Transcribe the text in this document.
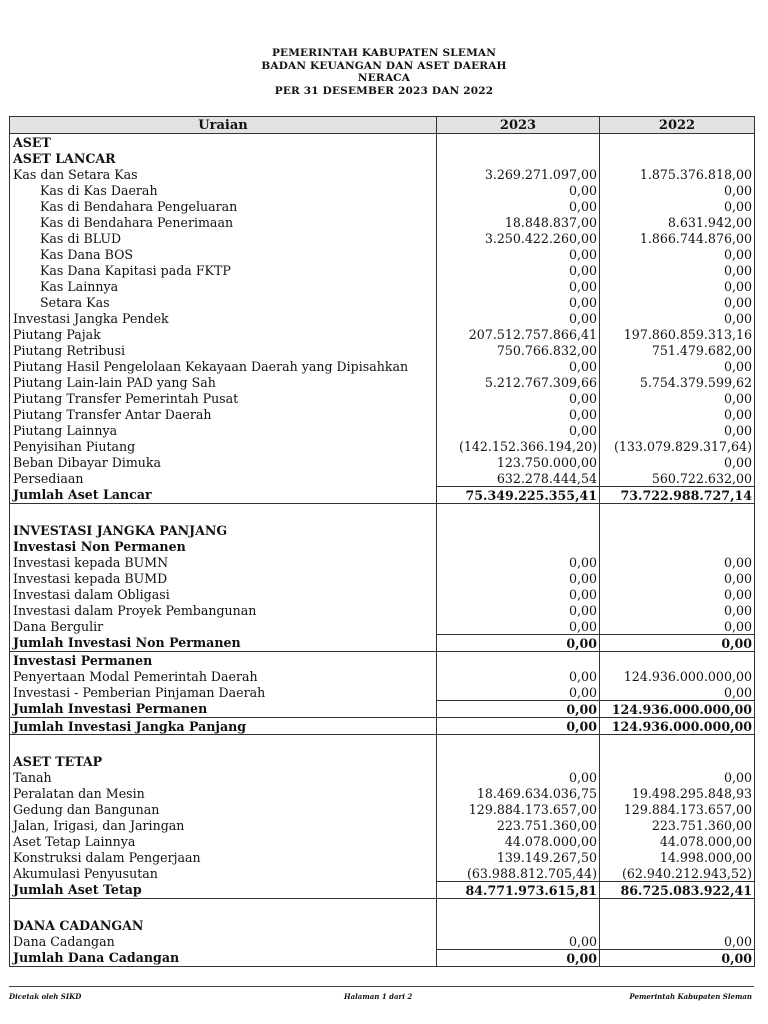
PEMERINTAH KABUPATEN SLEMAN
BADAN KEUANGAN DAN ASET DAERAH
NERACA
PER 31 DESEMBER 2023 DAN 2022
Uraian	2023	2022
ASET		
ASET LANCAR		
Kas dan Setara Kas	3.269.271.097,00	1.875.376.818,00
Kas di Kas Daerah	0,00	0,00
Kas di Bendahara Pengeluaran	0,00	0,00
Kas di Bendahara Penerimaan	18.848.837,00	8.631.942,00
Kas di BLUD	3.250.422.260,00	1.866.744.876,00
Kas Dana BOS	0,00	0,00
Kas Dana Kapitasi pada FKTP	0,00	0,00
Kas Lainnya	0,00	0,00
Setara Kas	0,00	0,00
Investasi Jangka Pendek	0,00	0,00
Piutang Pajak	207.512.757.866,41	197.860.859.313,16
Piutang Retribusi	750.766.832,00	751.479.682,00
Piutang Hasil Pengelolaan Kekayaan Daerah yang Dipisahkan	0,00	0,00
Piutang Lain-lain PAD yang Sah	5.212.767.309,66	5.754.379.599,62
Piutang Transfer Pemerintah Pusat	0,00	0,00
Piutang Transfer Antar Daerah	0,00	0,00
Piutang Lainnya	0,00	0,00
Penyisihan Piutang	(142.152.366.194,20)	(133.079.829.317,64)
Beban Dibayar Dimuka	123.750.000,00	0,00
Persediaan	632.278.444,54	560.722.632,00
Jumlah Aset Lancar	75.349.225.355,41	73.722.988.727,14

INVESTASI JANGKA PANJANG		
Investasi Non Permanen		
Investasi kepada BUMN	0,00	0,00
Investasi kepada BUMD	0,00	0,00
Investasi dalam Obligasi	0,00	0,00
Investasi dalam Proyek Pembangunan	0,00	0,00
Dana Bergulir	0,00	0,00
Jumlah Investasi Non Permanen	0,00	0,00
Investasi Permanen		
Penyertaan Modal Pemerintah Daerah	0,00	124.936.000.000,00
Investasi - Pemberian Pinjaman Daerah	0,00	0,00
Jumlah Investasi Permanen	0,00	124.936.000.000,00
Jumlah Investasi Jangka Panjang	0,00	124.936.000.000,00

ASET TETAP		
Tanah	0,00	0,00
Peralatan dan Mesin	18.469.634.036,75	19.498.295.848,93
Gedung dan Bangunan	129.884.173.657,00	129.884.173.657,00
Jalan, Irigasi, dan Jaringan	223.751.360,00	223.751.360,00
Aset Tetap Lainnya	44.078.000,00	44.078.000,00
Konstruksi dalam Pengerjaan	139.149.267,50	14.998.000,00
Akumulasi Penyusutan	(63.988.812.705,44)	(62.940.212.943,52)
Jumlah Aset Tetap	84.771.973.615,81	86.725.083.922,41

DANA CADANGAN		
Dana Cadangan	0,00	0,00
Jumlah Dana Cadangan	0,00	0,00
Dicetak oleh SIKD	Halaman 1 dari 2	Pemerintah Kabupaten Sleman
